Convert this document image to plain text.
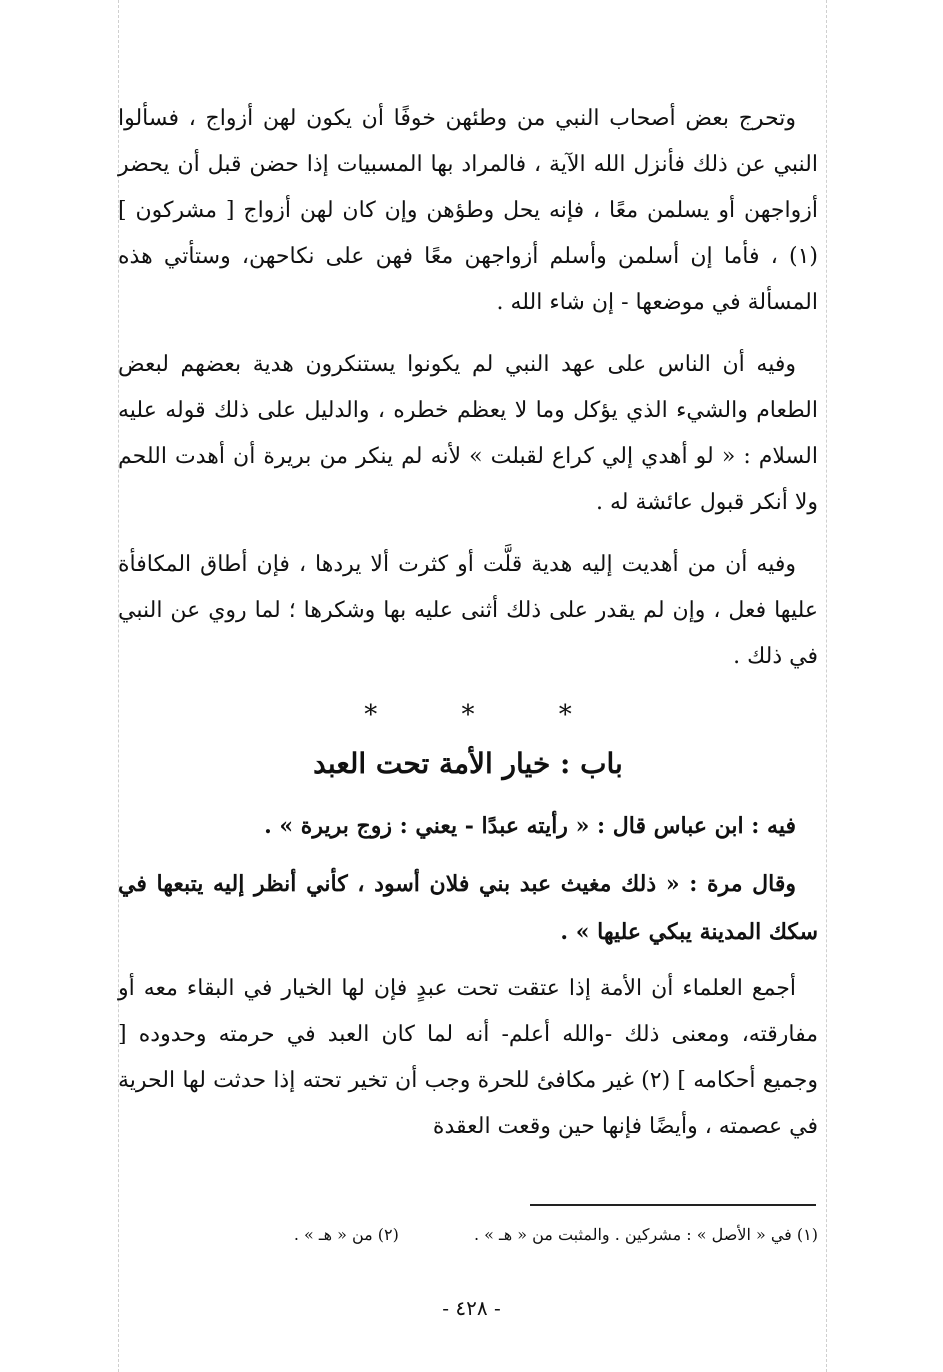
وتحرج بعض أصحاب النبي من وطئهن خوفًا أن يكون لهن أزواج ، فسألوا النبي عن ذلك فأنزل الله الآية ، فالمراد بها المسبيات إذا حضن قبل أن يحضر أزواجهن أو يسلمن معًا ، فإنه يحل وطؤهن وإن كان لهن أزواج [ مشركون ] (١) ، فأما إن أسلمن وأسلم أزواجهن معًا فهن على نكاحهن، وستأتي هذه المسألة في موضعها - إن شاء الله .

وفيه أن الناس على عهد النبي لم يكونوا يستنكرون هدية بعضهم لبعض الطعام والشيء الذي يؤكل وما لا يعظم خطره ، والدليل على ذلك قوله عليه السلام : « لو أهدي إلي كراع لقبلت » لأنه لم ينكر من بريرة أن أهدت اللحم ولا أنكر قبول عائشة له .

وفيه أن من أهديت إليه هدية قلَّت أو كثرت ألا يردها ، فإن أطاق المكافأة عليها فعل ، وإن لم يقدر على ذلك أثنى عليه بها وشكرها ؛ لما روي عن النبي في ذلك .

*	*	*
باب : خيار الأمة تحت العبد

فيه : ابن عباس قال : « رأيته عبدًا - يعني : زوج بريرة » .

وقال مرة : « ذلك مغيث عبد بني فلان أسود ، كأني أنظر إليه يتبعها في سكك المدينة يبكي عليها » .

أجمع العلماء أن الأمة إذا عتقت تحت عبدٍ فإن لها الخيار في البقاء معه أو مفارقته، ومعنى ذلك -والله أعلم- أنه لما كان العبد في حرمته وحدوده [ وجميع أحكامه ] (٢) غير مكافئ للحرة وجب أن تخير تحته إذا حدثت لها الحرية في عصمته ، وأيضًا فإنها حين وقعت العقدة

(١) في « الأصل » : مشركين . والمثبت من « هـ » . (٢) من « هـ » .
- ٤٢٨ -
